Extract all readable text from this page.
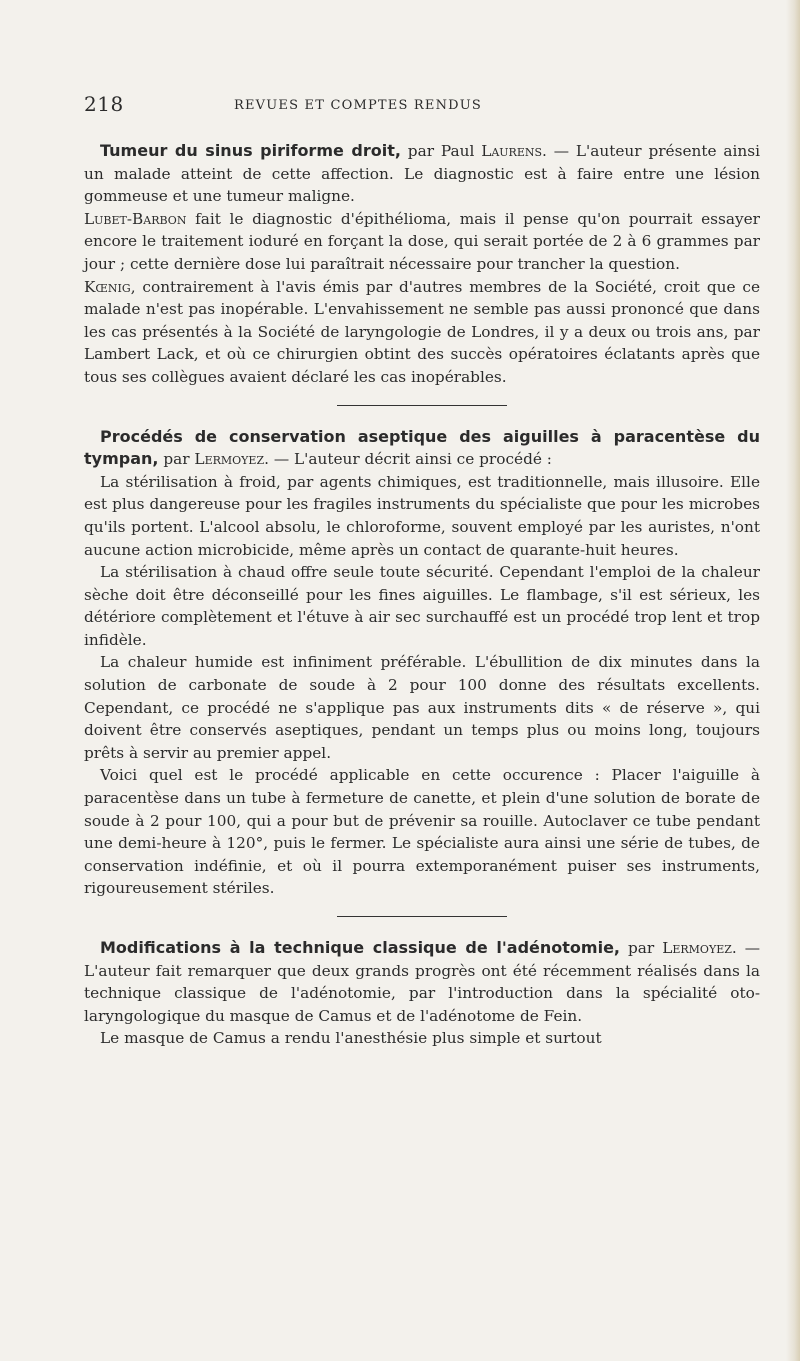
218	REVUES ET COMPTES RENDUS

Tumeur du sinus piriforme droit, par Paul Laurens. — L'auteur présente ainsi un malade atteint de cette affection. Le diagnostic est à faire entre une lésion gommeuse et une tumeur maligne.

Lubet-Barbon fait le diagnostic d'épithélioma, mais il pense qu'on pourrait essayer encore le traitement ioduré en forçant la dose, qui serait portée de 2 à 6 grammes par jour ; cette dernière dose lui paraîtrait nécessaire pour trancher la question.

Kœnig, contrairement à l'avis émis par d'autres membres de la Société, croit que ce malade n'est pas inopérable. L'envahissement ne semble pas aussi prononcé que dans les cas présentés à la Société de laryngologie de Londres, il y a deux ou trois ans, par Lambert Lack, et où ce chirurgien obtint des succès opératoires éclatants après que tous ses collègues avaient déclaré les cas inopérables.

Procédés de conservation aseptique des aiguilles à paracentèse du tympan, par Lermoyez. — L'auteur décrit ainsi ce procédé :

La stérilisation à froid, par agents chimiques, est traditionnelle, mais illusoire. Elle est plus dangereuse pour les fragiles instruments du spécialiste que pour les microbes qu'ils portent. L'alcool absolu, le chloroforme, souvent employé par les auristes, n'ont aucune action microbicide, même après un contact de quarante-huit heures.

La stérilisation à chaud offre seule toute sécurité. Cependant l'emploi de la chaleur sèche doit être déconseillé pour les fines aiguilles. Le flambage, s'il est sérieux, les détériore complètement et l'étuve à air sec surchauffé est un procédé trop lent et trop infidèle.

La chaleur humide est infiniment préférable. L'ébullition de dix minutes dans la solution de carbonate de soude à 2 pour 100 donne des résultats excellents. Cependant, ce procédé ne s'applique pas aux instruments dits « de réserve », qui doivent être conservés aseptiques, pendant un temps plus ou moins long, toujours prêts à servir au premier appel.

Voici quel est le procédé applicable en cette occurence : Placer l'aiguille à paracentèse dans un tube à fermeture de canette, et plein d'une solution de borate de soude à 2 pour 100, qui a pour but de prévenir sa rouille. Autoclaver ce tube pendant une demi-heure à 120°, puis le fermer. Le spécialiste aura ainsi une série de tubes, de conservation indéfinie, et où il pourra extemporanément puiser ses instruments, rigoureusement stériles.

Modifications à la technique classique de l'adénotomie, par Lermoyez. — L'auteur fait remarquer que deux grands progrès ont été récemment réalisés dans la technique classique de l'adénotomie, par l'introduction dans la spécialité oto-laryngologique du masque de Camus et de l'adénotome de Fein.

Le masque de Camus a rendu l'anesthésie plus simple et surtout
